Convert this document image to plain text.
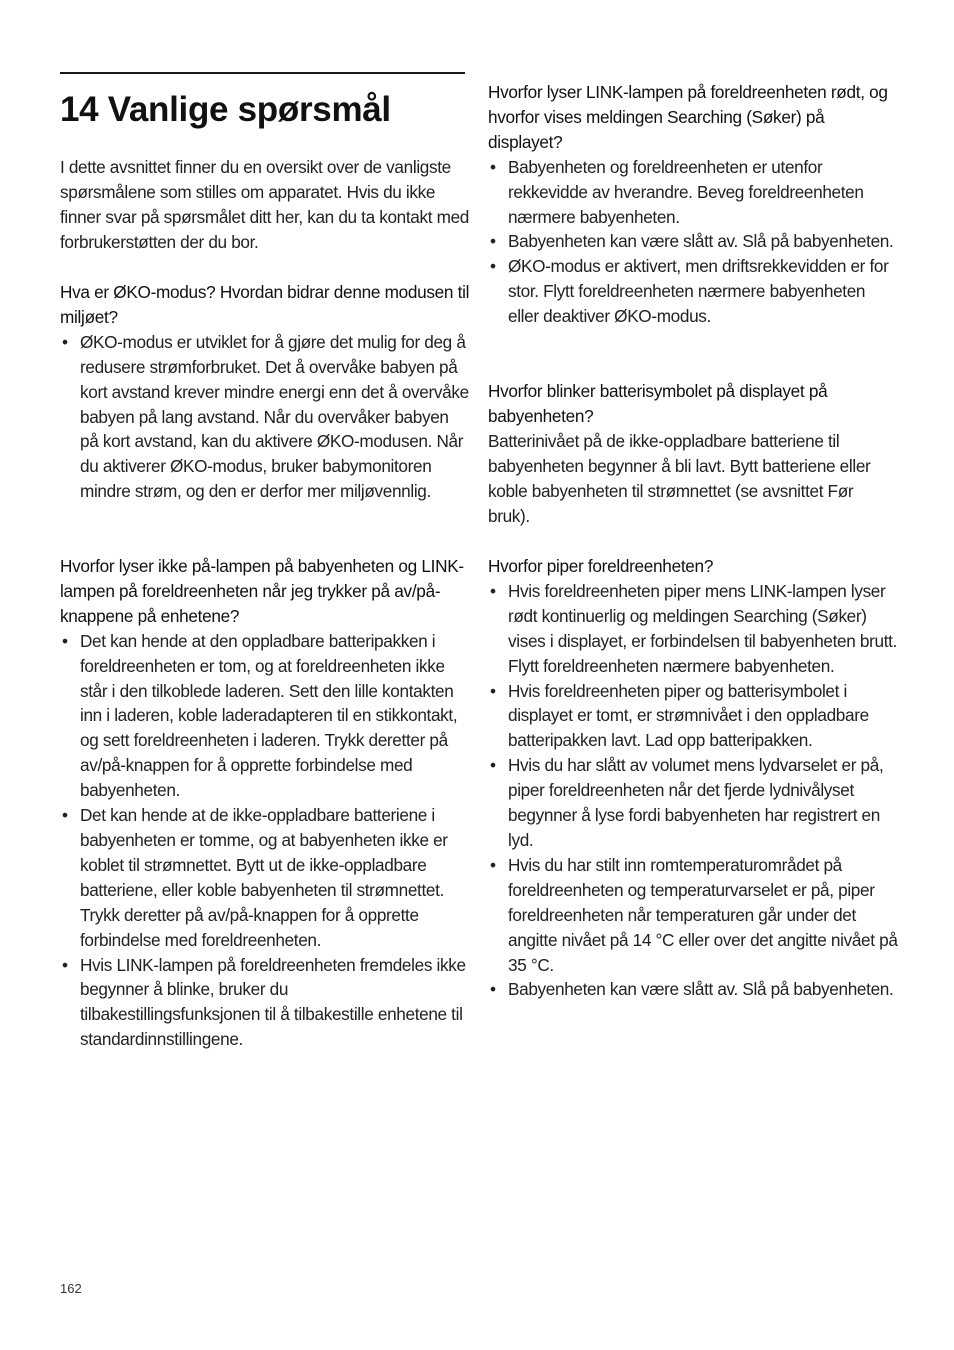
14 Vanlige spørsmål

I dette avsnittet finner du en oversikt over de vanligste spørsmålene som stilles om apparatet. Hvis du ikke finner svar på spørsmålet ditt her, kan du ta kontakt med forbrukerstøtten der du bor.

Hva er ØKO-modus? Hvordan bidrar denne modusen til miljøet?

• ØKO-modus er utviklet for å gjøre det mulig for deg å redusere strømforbruket. Det å overvåke babyen på kort avstand krever mindre energi enn det å overvåke babyen på lang avstand. Når du overvåker babyen på kort avstand, kan du aktivere ØKO-modusen. Når du aktiverer ØKO-modus, bruker babymonitoren mindre strøm, og den er derfor mer miljøvennlig.

Hvorfor lyser ikke på-lampen på babyenheten og LINK-lampen på foreldreenheten når jeg trykker på av/på-knappene på enhetene?

• Det kan hende at den oppladbare batteripakken i foreldreenheten er tom, og at foreldreenheten ikke står i den tilkobledе laderen. Sett den lille kontakten inn i laderen, koble laderadapteren til en stikkontakt, og sett foreldreenheten i laderen. Trykk deretter på av/på-knappen for å opprette forbindelse med babyenheten.
• Det kan hende at de ikke-oppladbare batteriene i babyenheten er tomme, og at babyenheten ikke er koblet til strømnettet. Bytt ut de ikke-oppladbare batteriene, eller koble babyenheten til strømnettet. Trykk deretter på av/på-knappen for å opprette forbindelse med foreldreenheten.
• Hvis LINK-lampen på foreldreenheten fremdeles ikke begynner å blinke, bruker du tilbakestillingsfunksjonen til å tilbakestille enhetene til standardinnstillingene.

Hvorfor lyser LINK-lampen på foreldreenheten rødt, og hvorfor vises meldingen Searching (Søker) på displayet?

• Babyenheten og foreldreenheten er utenfor rekkevidde av hverandre. Beveg foreldreenheten nærmere babyenheten.
• Babyenheten kan være slått av. Slå på babyenheten.
• ØKO-modus er aktivert, men driftsrekkevidden er for stor. Flytt foreldreenheten nærmere babyenheten eller deaktiver ØKO-modus.

Hvorfor blinker batterisymbolet på displayet på babyenheten?

Batterinivået på de ikke-oppladbare batteriene til babyenheten begynner å bli lavt. Bytt batteriene eller koble babyenheten til strømnettet (se avsnittet Før bruk).

Hvorfor piper foreldreenheten?

• Hvis foreldreenheten piper mens LINK-lampen lyser rødt kontinuerlig og meldingen Searching (Søker) vises i displayet, er forbindelsen til babyenheten brutt. Flytt foreldreenheten nærmere babyenheten.
• Hvis foreldreenheten piper og batterisymbolet i displayet er tomt, er strømnivået i den oppladbare batteripakken lavt. Lad opp batteripakken.
• Hvis du har slått av volumet mens lydvarselet er på, piper foreldreenheten når det fjerde lydnivålyset begynner å lyse fordi babyenheten har registrert en lyd.
• Hvis du har stilt inn romtemperaturområdet på foreldreenheten og temperaturvarselet er på, piper foreldreenheten når temperaturen går under det angitte nivået på 14 °C eller over det angitte nivået på 35 °C.
• Babyenheten kan være slått av. Slå på babyenheten.
162
